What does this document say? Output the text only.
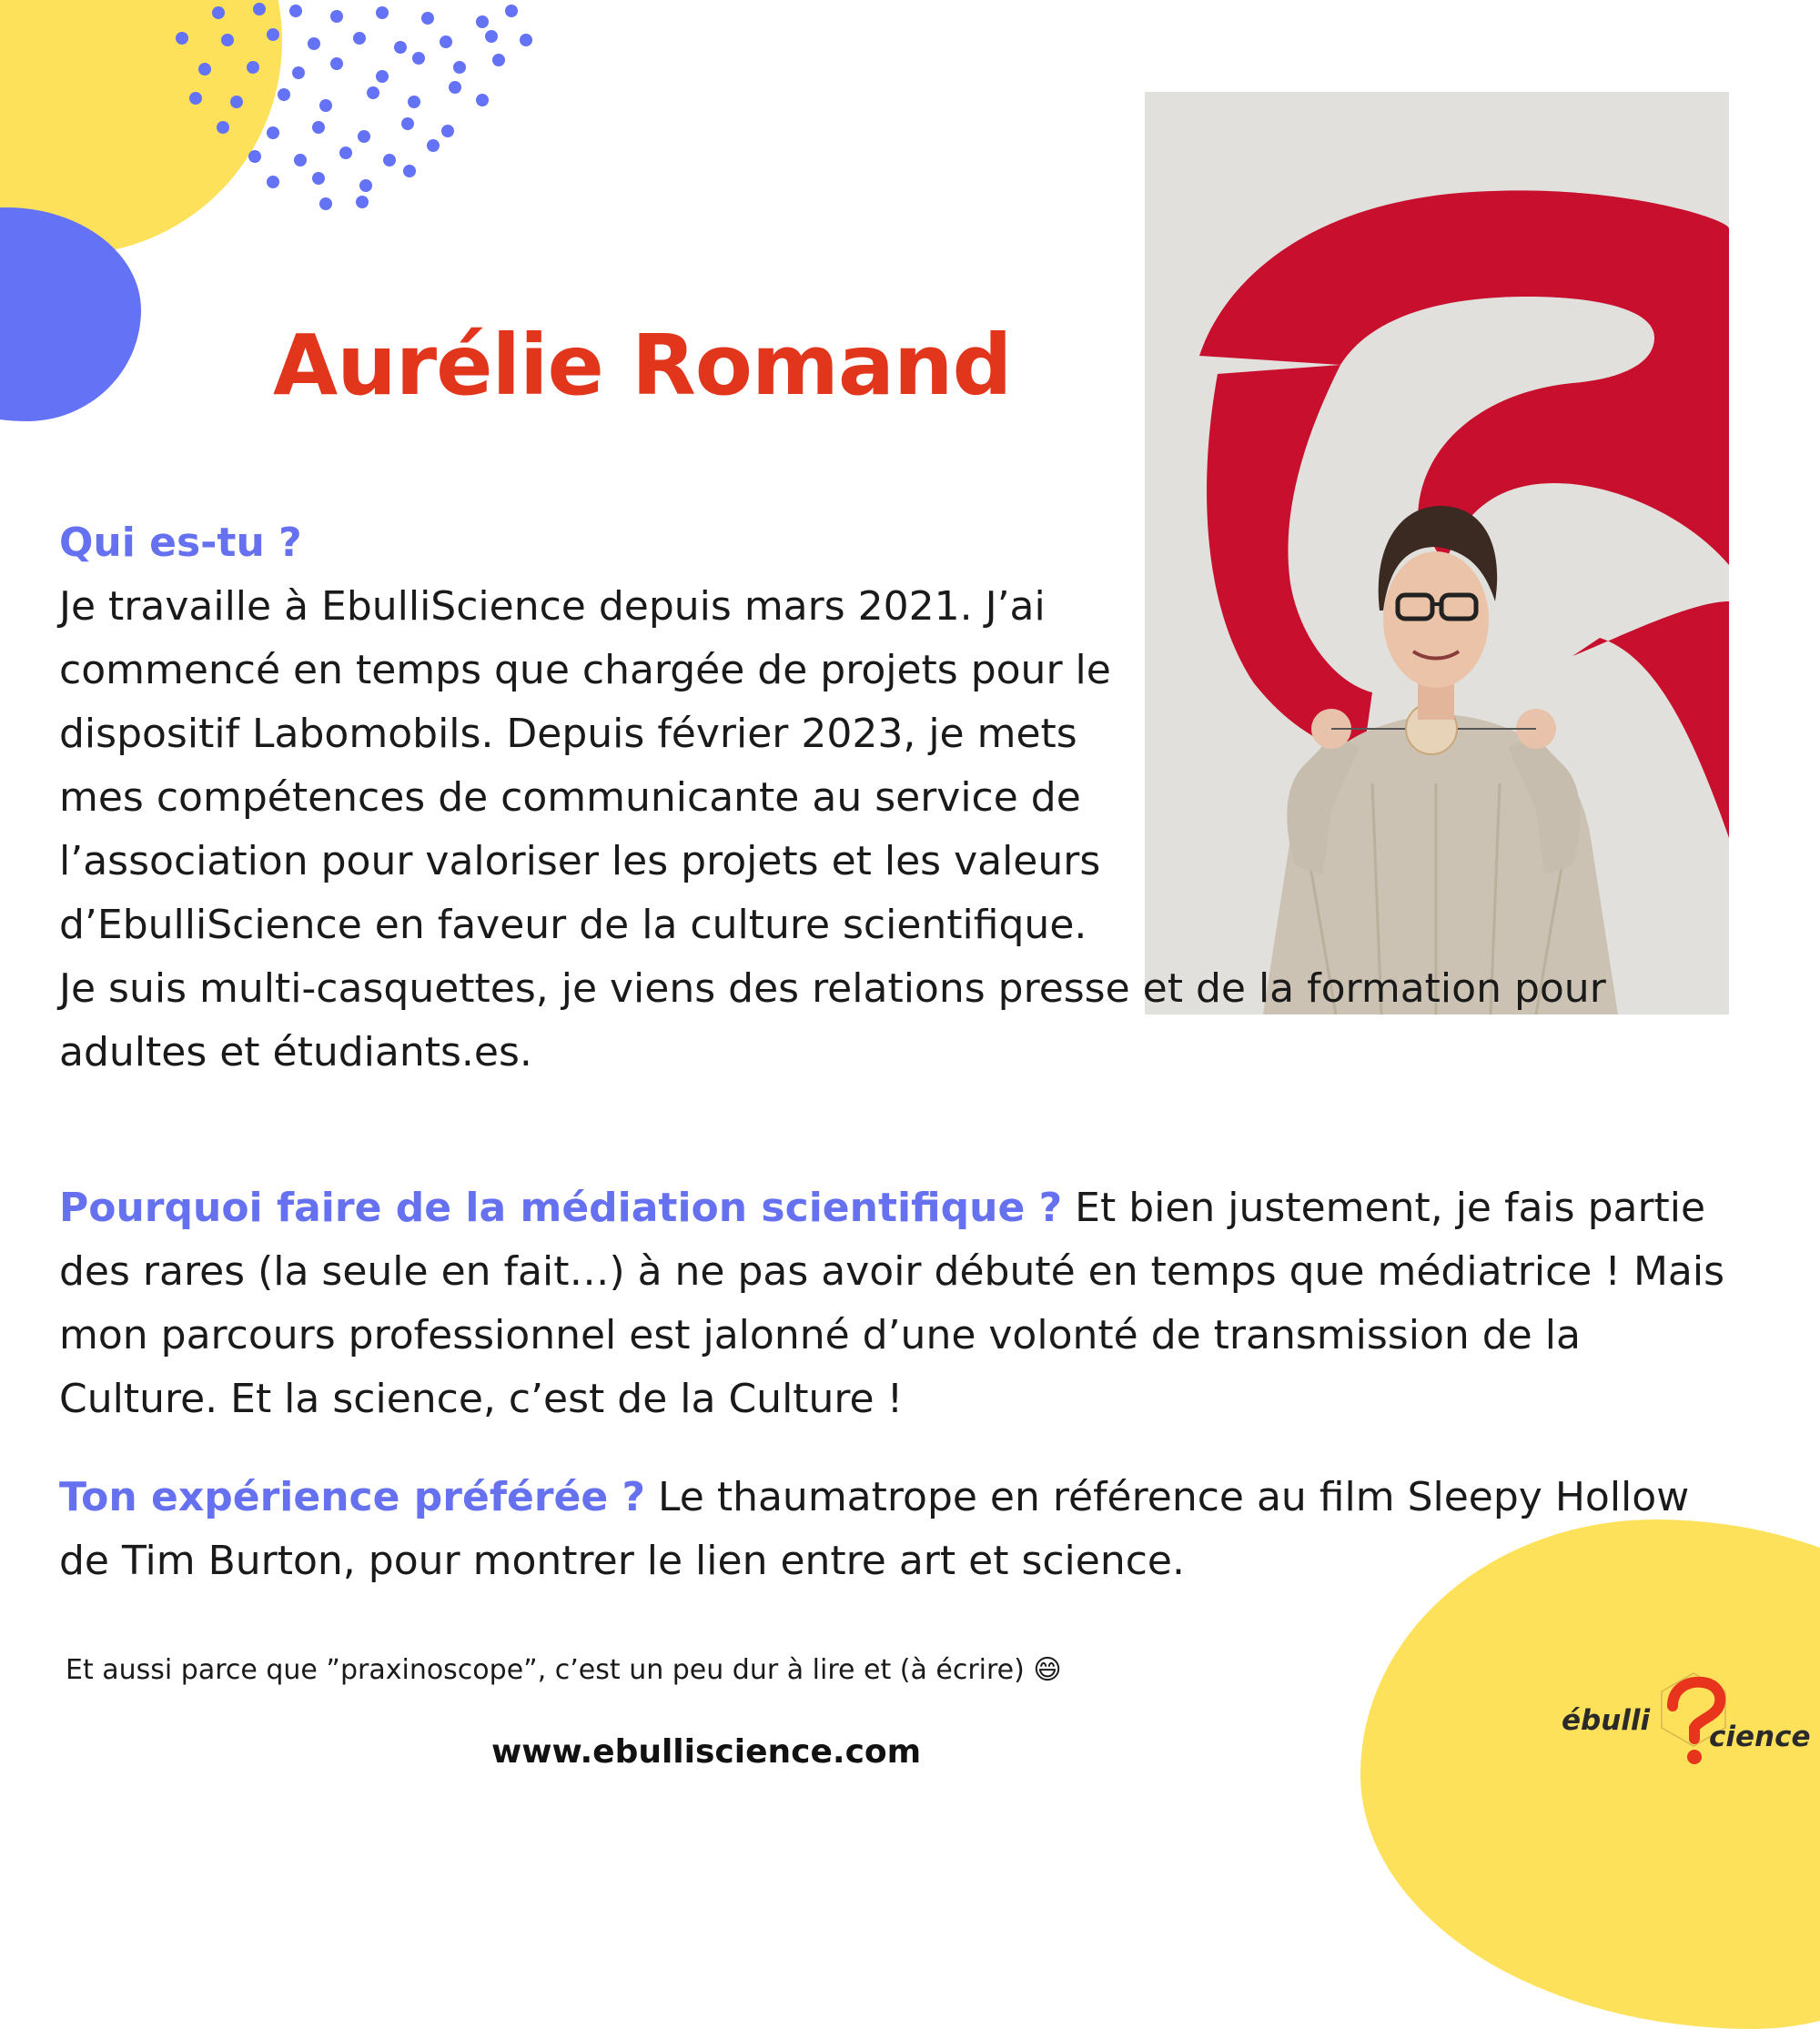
Aurélie Romand
Qui es-tu ?
Je travaille à EbulliScience depuis mars 2021. J’ai commencé en temps que chargée de projets pour le dispositif Labomobils. Depuis février 2023, je mets mes compétences de communicante au service de l’association pour valoriser les projets et les valeurs d’EbulliScience en faveur de la culture scientifique.
Je suis multi-casquettes, je viens des relations presse et de la formation pour adultes et étudiants.es.
Pourquoi faire de la médiation scientifique ? Et bien justement, je fais partie des rares (la seule en fait…) à ne pas avoir débuté en temps que médiatrice ! Mais mon parcours professionnel est jalonné d’une volonté de transmission de la Culture. Et la science, c’est de la Culture !
Ton expérience préférée ? Le thaumatrope en référence au film Sleepy Hollow de Tim Burton, pour montrer le lien entre art et science.
Et aussi parce que ”praxinoscope”, c’est un peu dur à lire et (à écrire) 😄
www.ebulliscience.com
ébulli cience
